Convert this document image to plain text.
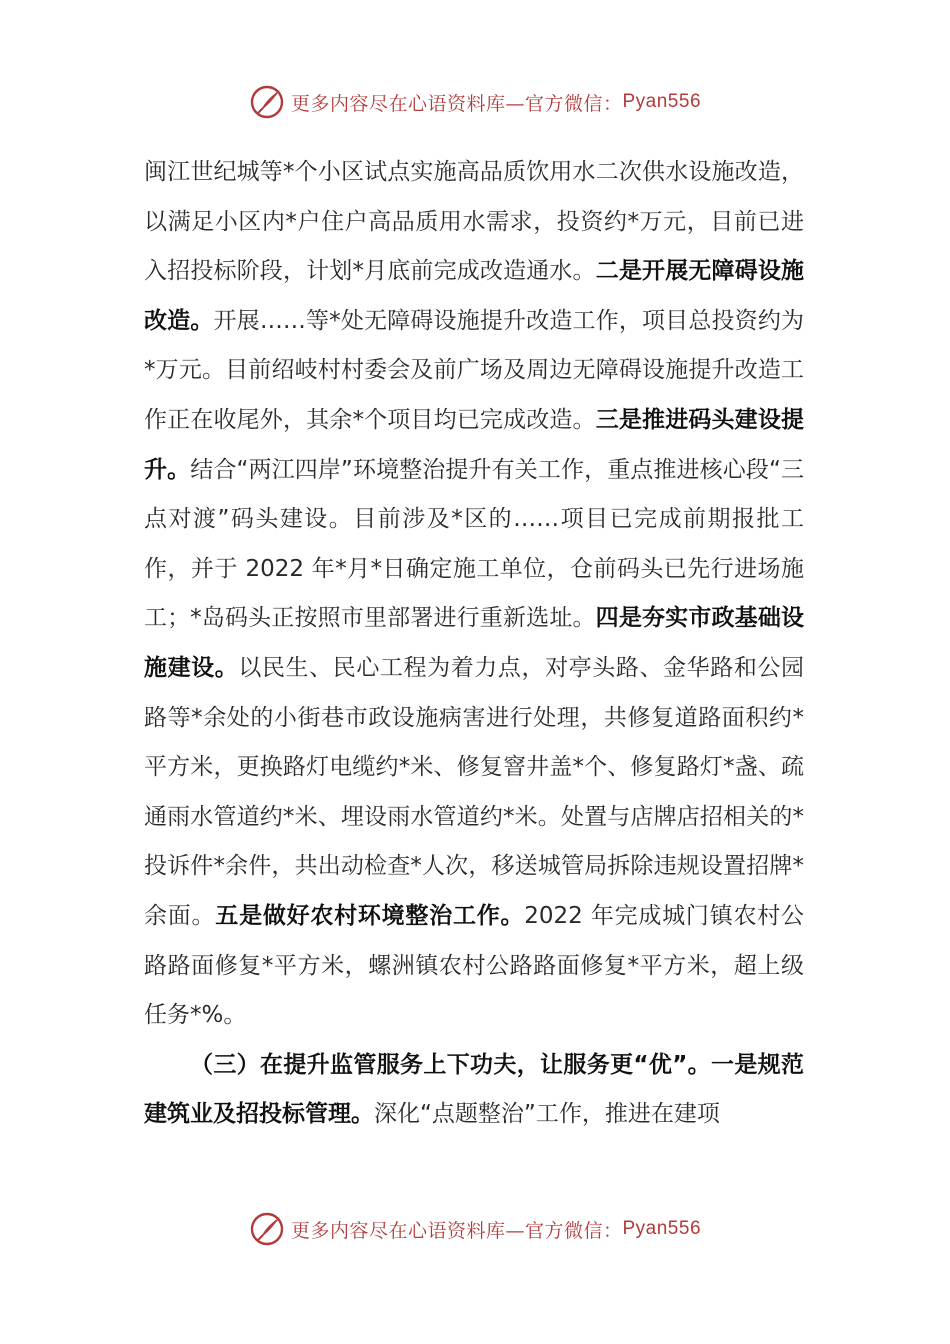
更多内容尽在心语资料库—官方微信： Pyan556

闽江世纪城等*个小区试点实施高品质饮用水二次供水设施改造，以满足小区内*户住户高品质用水需求，投资约*万元，目前已进入招投标阶段，计划*月底前完成改造通水。二是开展无障碍设施改造。开展……等*处无障碍设施提升改造工作，项目总投资约为*万元。目前绍岐村村委会及前广场及周边无障碍设施提升改造工作正在收尾外，其余*个项目均已完成改造。三是推进码头建设提升。结合“两江四岸”环境整治提升有关工作，重点推进核心段“三点对渡”码头建设。目前涉及*区的……项目已完成前期报批工作，并于 2022 年*月*日确定施工单位，仓前码头已先行进场施工；*岛码头正按照市里部署进行重新选址。四是夯实市政基础设施建设。以民生、民心工程为着力点，对亭头路、金华路和公园路等*余处的小街巷市政设施病害进行处理，共修复道路面积约*平方米，更换路灯电缆约*米、修复窨井盖*个、修复路灯*盏、疏通雨水管道约*米、埋设雨水管道约*米。处置与店牌店招相关的*投诉件*余件，共出动检查*人次，移送城管局拆除违规设置招牌*余面。五是做好农村环境整治工作。2022 年完成城门镇农村公路路面修复*平方米，螺洲镇农村公路路面修复*平方米，超上级任务*%。

（三）在提升监管服务上下功夫，让服务更“优”。一是规范建筑业及招投标管理。深化“点题整治”工作，推进在建项

更多内容尽在心语资料库—官方微信： Pyan556
